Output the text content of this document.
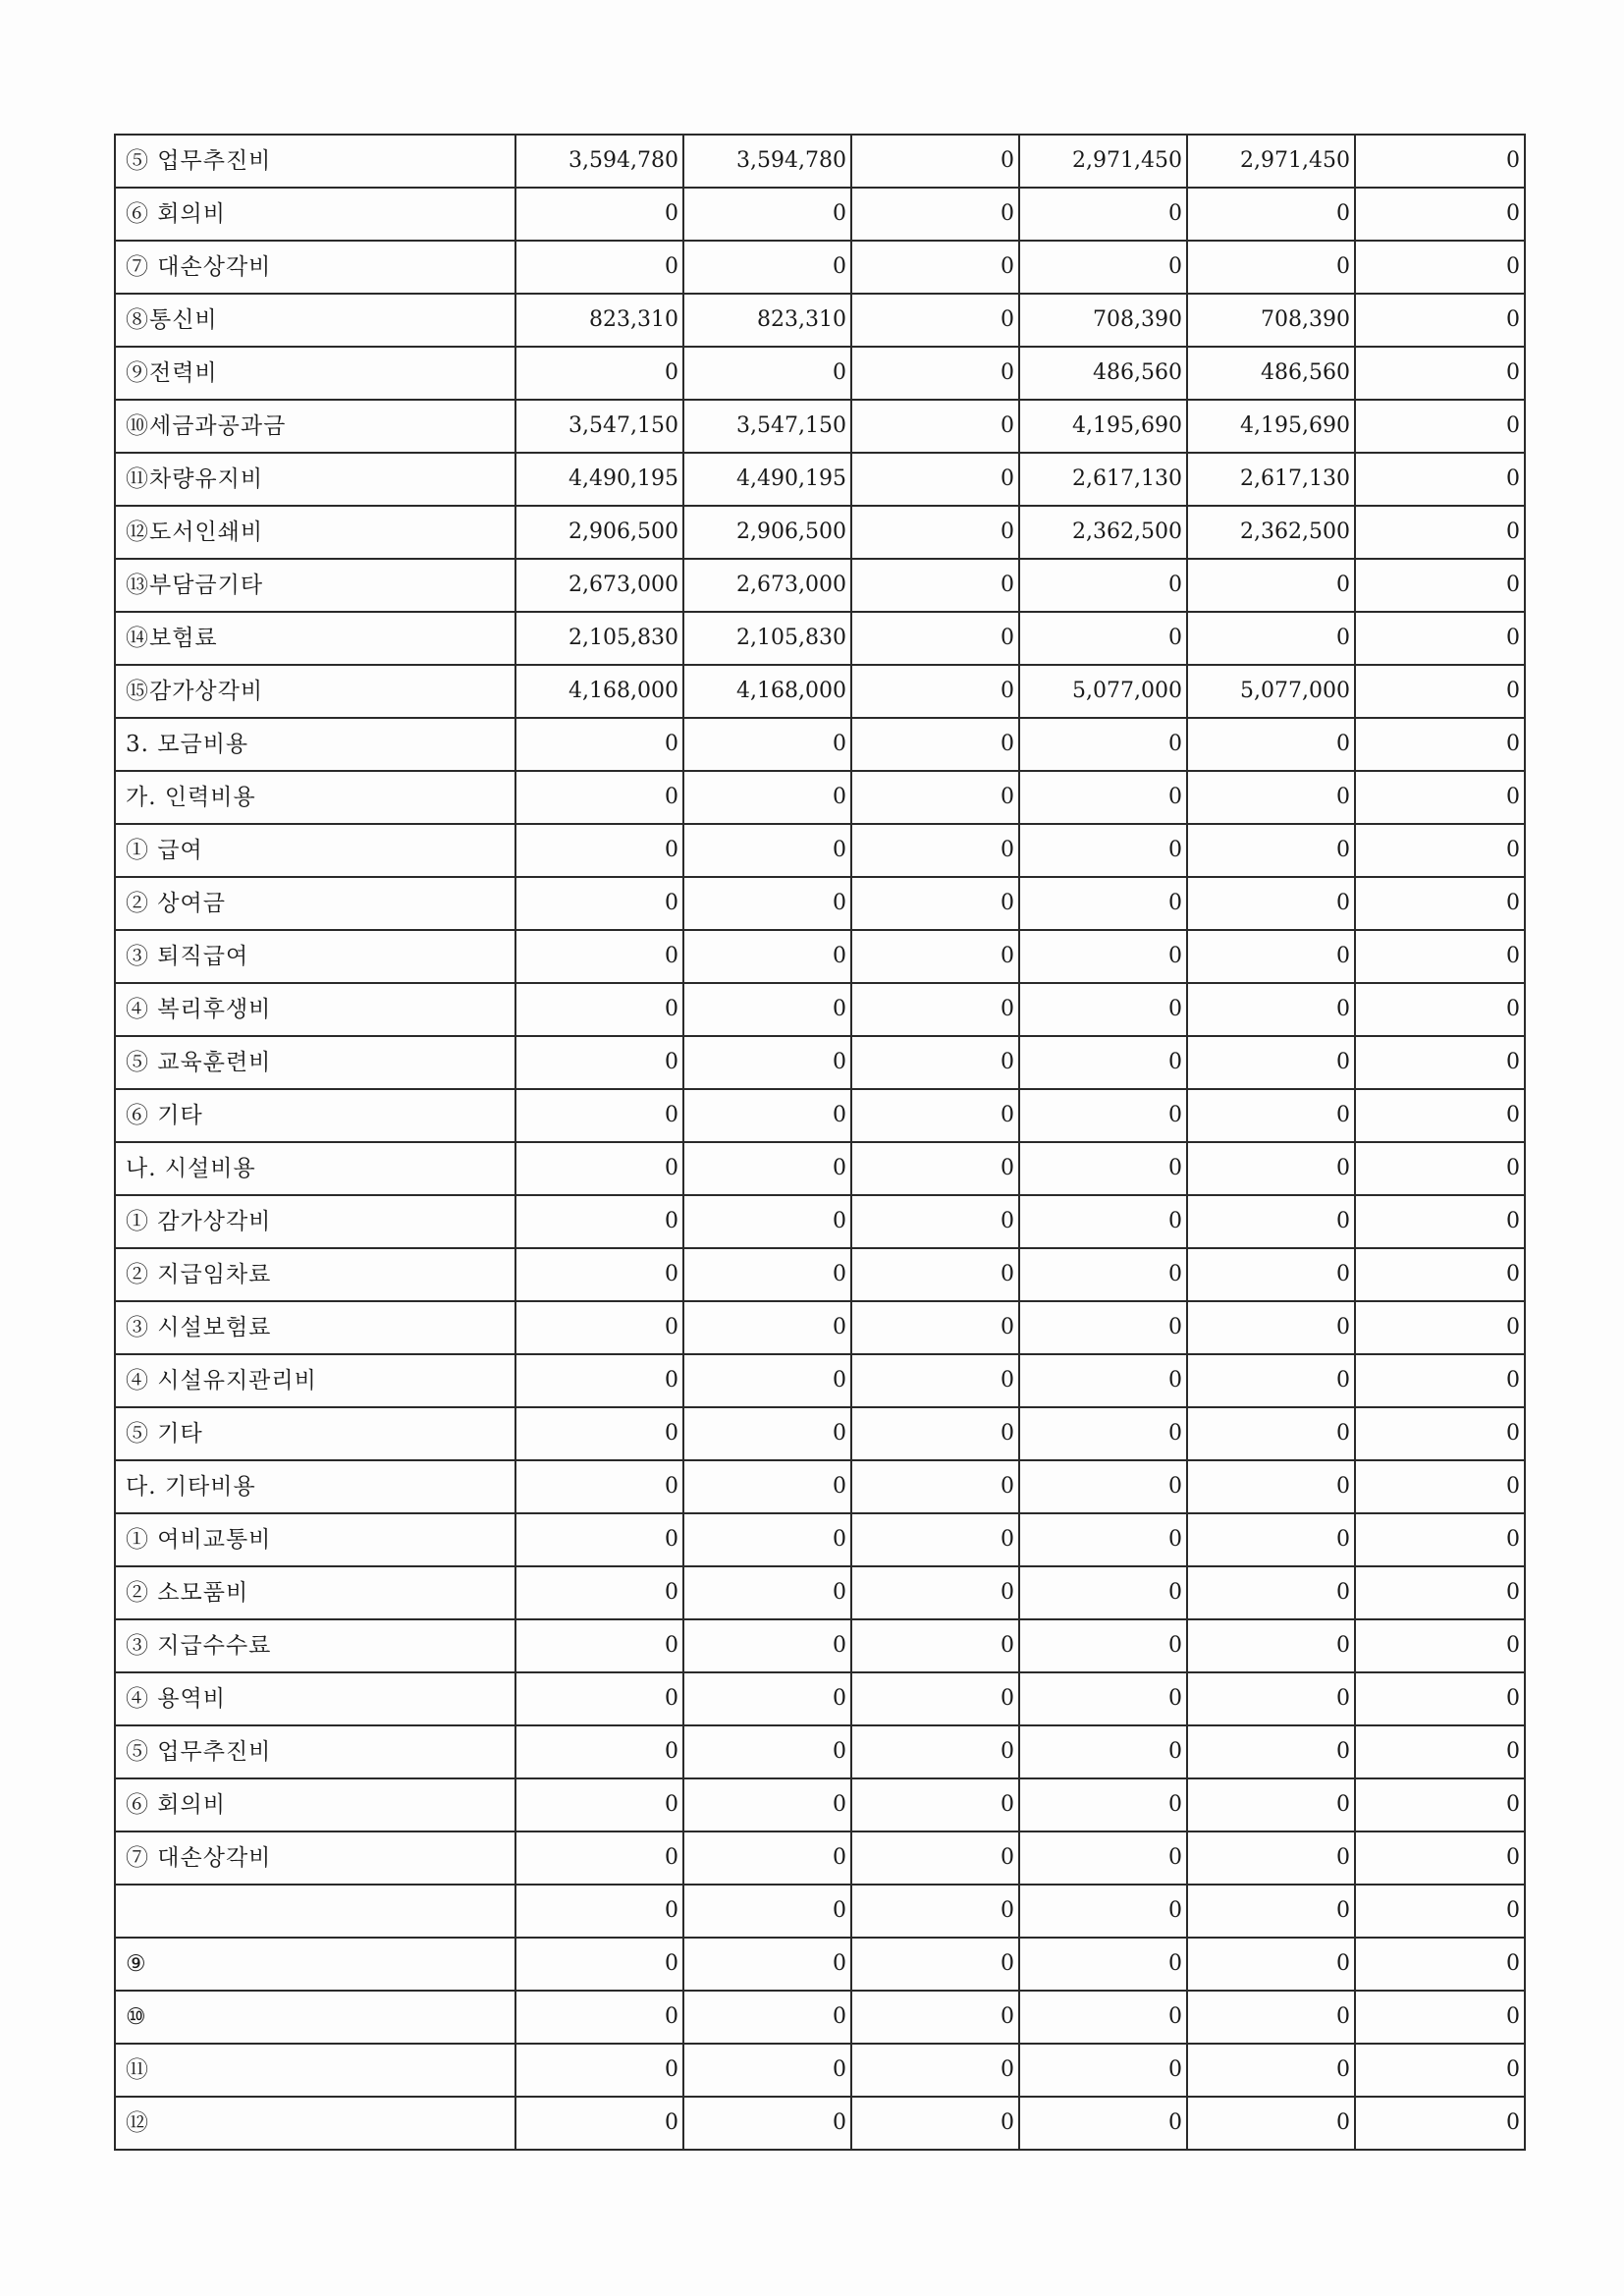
⑤ 업무추진비	3,594,780	3,594,780	0	2,971,450	2,971,450	0
⑥ 회의비	0	0	0	0	0	0
⑦ 대손상각비	0	0	0	0	0	0
⑧통신비	823,310	823,310	0	708,390	708,390	0
⑨전력비	0	0	0	486,560	486,560	0
⑩세금과공과금	3,547,150	3,547,150	0	4,195,690	4,195,690	0
⑪차량유지비	4,490,195	4,490,195	0	2,617,130	2,617,130	0
⑫도서인쇄비	2,906,500	2,906,500	0	2,362,500	2,362,500	0
⑬부담금기타	2,673,000	2,673,000	0	0	0	0
⑭보험료	2,105,830	2,105,830	0	0	0	0
⑮감가상각비	4,168,000	4,168,000	0	5,077,000	5,077,000	0
3. 모금비용	0	0	0	0	0	0
가. 인력비용	0	0	0	0	0	0
① 급여	0	0	0	0	0	0
② 상여금	0	0	0	0	0	0
③ 퇴직급여	0	0	0	0	0	0
④ 복리후생비	0	0	0	0	0	0
⑤ 교육훈련비	0	0	0	0	0	0
⑥ 기타	0	0	0	0	0	0
나. 시설비용	0	0	0	0	0	0
① 감가상각비	0	0	0	0	0	0
② 지급임차료	0	0	0	0	0	0
③ 시설보험료	0	0	0	0	0	0
④ 시설유지관리비	0	0	0	0	0	0
⑤ 기타	0	0	0	0	0	0
다. 기타비용	0	0	0	0	0	0
① 여비교통비	0	0	0	0	0	0
② 소모품비	0	0	0	0	0	0
③ 지급수수료	0	0	0	0	0	0
④ 용역비	0	0	0	0	0	0
⑤ 업무추진비	0	0	0	0	0	0
⑥ 회의비	0	0	0	0	0	0
⑦ 대손상각비	0	0	0	0	0	0
	0	0	0	0	0	0
⑨	0	0	0	0	0	0
⑩	0	0	0	0	0	0
⑪	0	0	0	0	0	0
⑫	0	0	0	0	0	0
